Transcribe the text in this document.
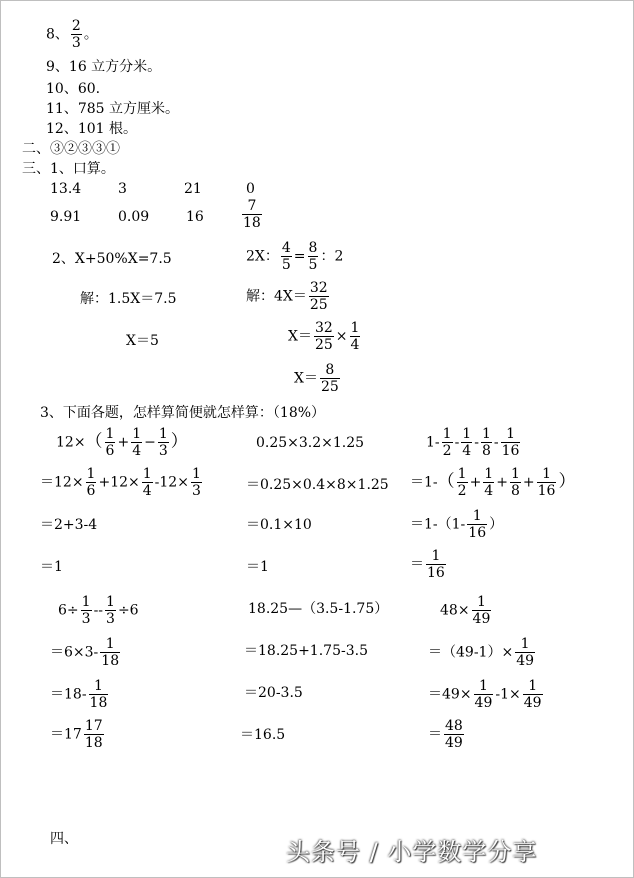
8、 $\frac{2}{3}$ 。
9、16 立方分米。
10、60.
11、785 立方厘米。
12、101 根。
二、③②③③①
三、1、口算。
13.4	3	21	0
9.91	0.09	16	$\frac{7}{18}$
2、X+50%X=7.5
解：1.5X＝7.5
X＝5
2X： $\frac{4}{5} = \frac{8}{5}$ ：2
解：$4X= \frac{32}{25}$
$X= \frac{32}{25} \times \frac{1}{4}$
$X= \frac{8}{25}$
3、下面各题，怎样算简便就怎样算：（18%）
$12\times( \frac{1}{6} + \frac{1}{4} - \frac{1}{3}$ ）
$=12\times \frac{1}{6} +12\times \frac{1}{4} -12\times \frac{1}{3}$
＝2+3-4
＝1
0.25×3.2×1.25
＝0.25×0.4×8×1.25
＝0.1×10
＝1
$1- \frac{1}{2} - \frac{1}{4} - \frac{1}{8} - \frac{1}{16}$
$=1-( \frac{1}{2} + \frac{1}{4} + \frac{1}{8} + \frac{1}{16}$ ）
$=1-(1- \frac{1}{16}$ ）
＝ $\frac{1}{16}$
$6\div \frac{1}{3} -- \frac{1}{3} \div 6$
$=6\times 3- \frac{1}{18}$
$=18- \frac{1}{18}$
$=17 \frac{17}{18}$
18.25—（3.5-1.75）
＝18.25+1.75-3.5
＝20-3.5
＝16.5
$48\times \frac{1}{49}$
$=(49-1)\times \frac{1}{49}$
$=49\times \frac{1}{49} -1\times \frac{1}{49}$
＝ $\frac{48}{49}$
四、	头条号 / 小学数学分享
